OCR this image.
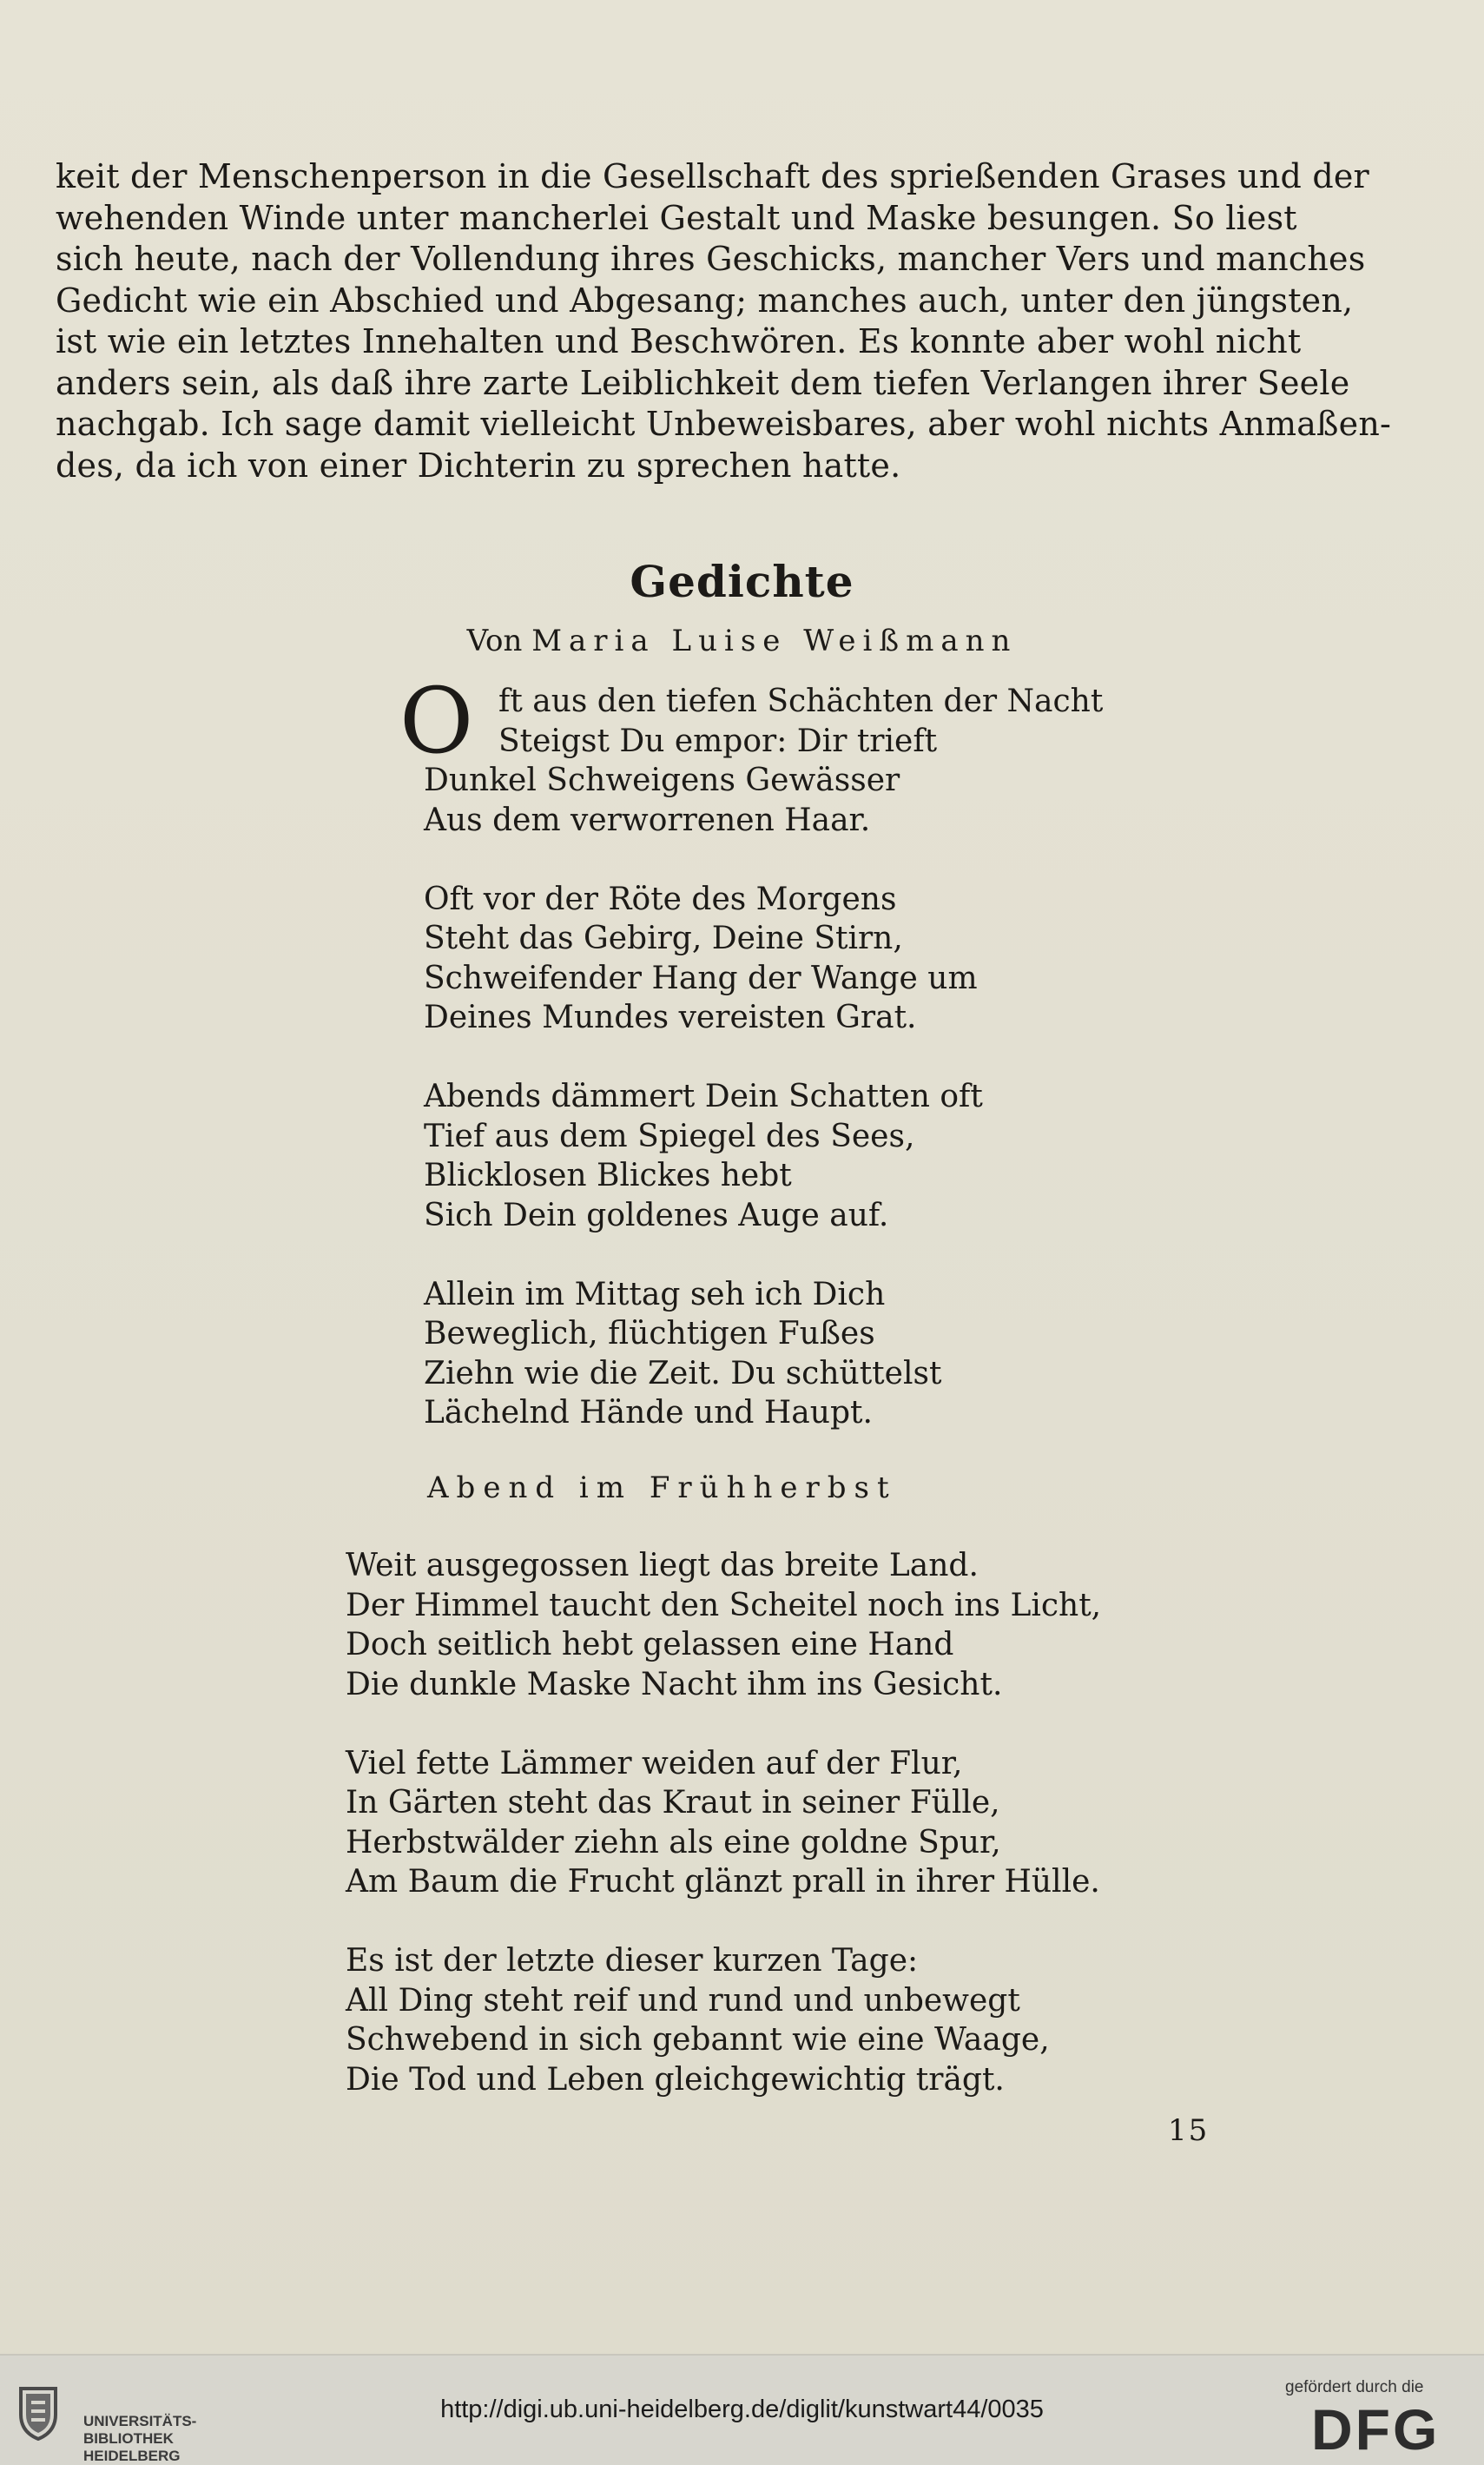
keit der Menschenperson in die Gesellschaft des sprießenden Grases und der
wehenden Winde unter mancherlei Gestalt und Maske besungen. So liest
sich heute, nach der Vollendung ihres Geschicks, mancher Vers und manches
Gedicht wie ein Abschied und Abgesang; manches auch, unter den jüngsten,
ist wie ein letztes Innehalten und Beschwören. Es konnte aber wohl nicht
anders sein, als daß ihre zarte Leiblichkeit dem tiefen Verlangen ihrer Seele
nachgab. Ich sage damit vielleicht Unbeweisbares, aber wohl nichts Anmaßen-
des, da ich von einer Dichterin zu sprechen hatte.
Gedichte
Von Maria Luise Weißmann
O ft aus den tiefen Schächten der Nacht
Steigst Du empor: Dir trieft
Dunkel Schweigens Gewässer
Aus dem verworrenen Haar.
Oft vor der Röte des Morgens
Steht das Gebirg, Deine Stirn,
Schweifender Hang der Wange um
Deines Mundes vereisten Grat.
Abends dämmert Dein Schatten oft
Tief aus dem Spiegel des Sees,
Blicklosen Blickes hebt
Sich Dein goldenes Auge auf.
Allein im Mittag seh ich Dich
Beweglich, flüchtigen Fußes
Ziehn wie die Zeit. Du schüttelst
Lächelnd Hände und Haupt.
Abend im Frühherbst
Weit ausgegossen liegt das breite Land.
Der Himmel taucht den Scheitel noch ins Licht,
Doch seitlich hebt gelassen eine Hand
Die dunkle Maske Nacht ihm ins Gesicht.
Viel fette Lämmer weiden auf der Flur,
In Gärten steht das Kraut in seiner Fülle,
Herbstwälder ziehn als eine goldne Spur,
Am Baum die Frucht glänzt prall in ihrer Hülle.
Es ist der letzte dieser kurzen Tage:
All Ding steht reif und rund und unbewegt
Schwebend in sich gebannt wie eine Waage,
Die Tod und Leben gleichgewichtig trägt.
15
UNIVERSITÄTS-
BIBLIOTHEK
HEIDELBERG
http://digi.ub.uni-heidelberg.de/diglit/kunstwart44/0035
gefördert durch die
DFG
